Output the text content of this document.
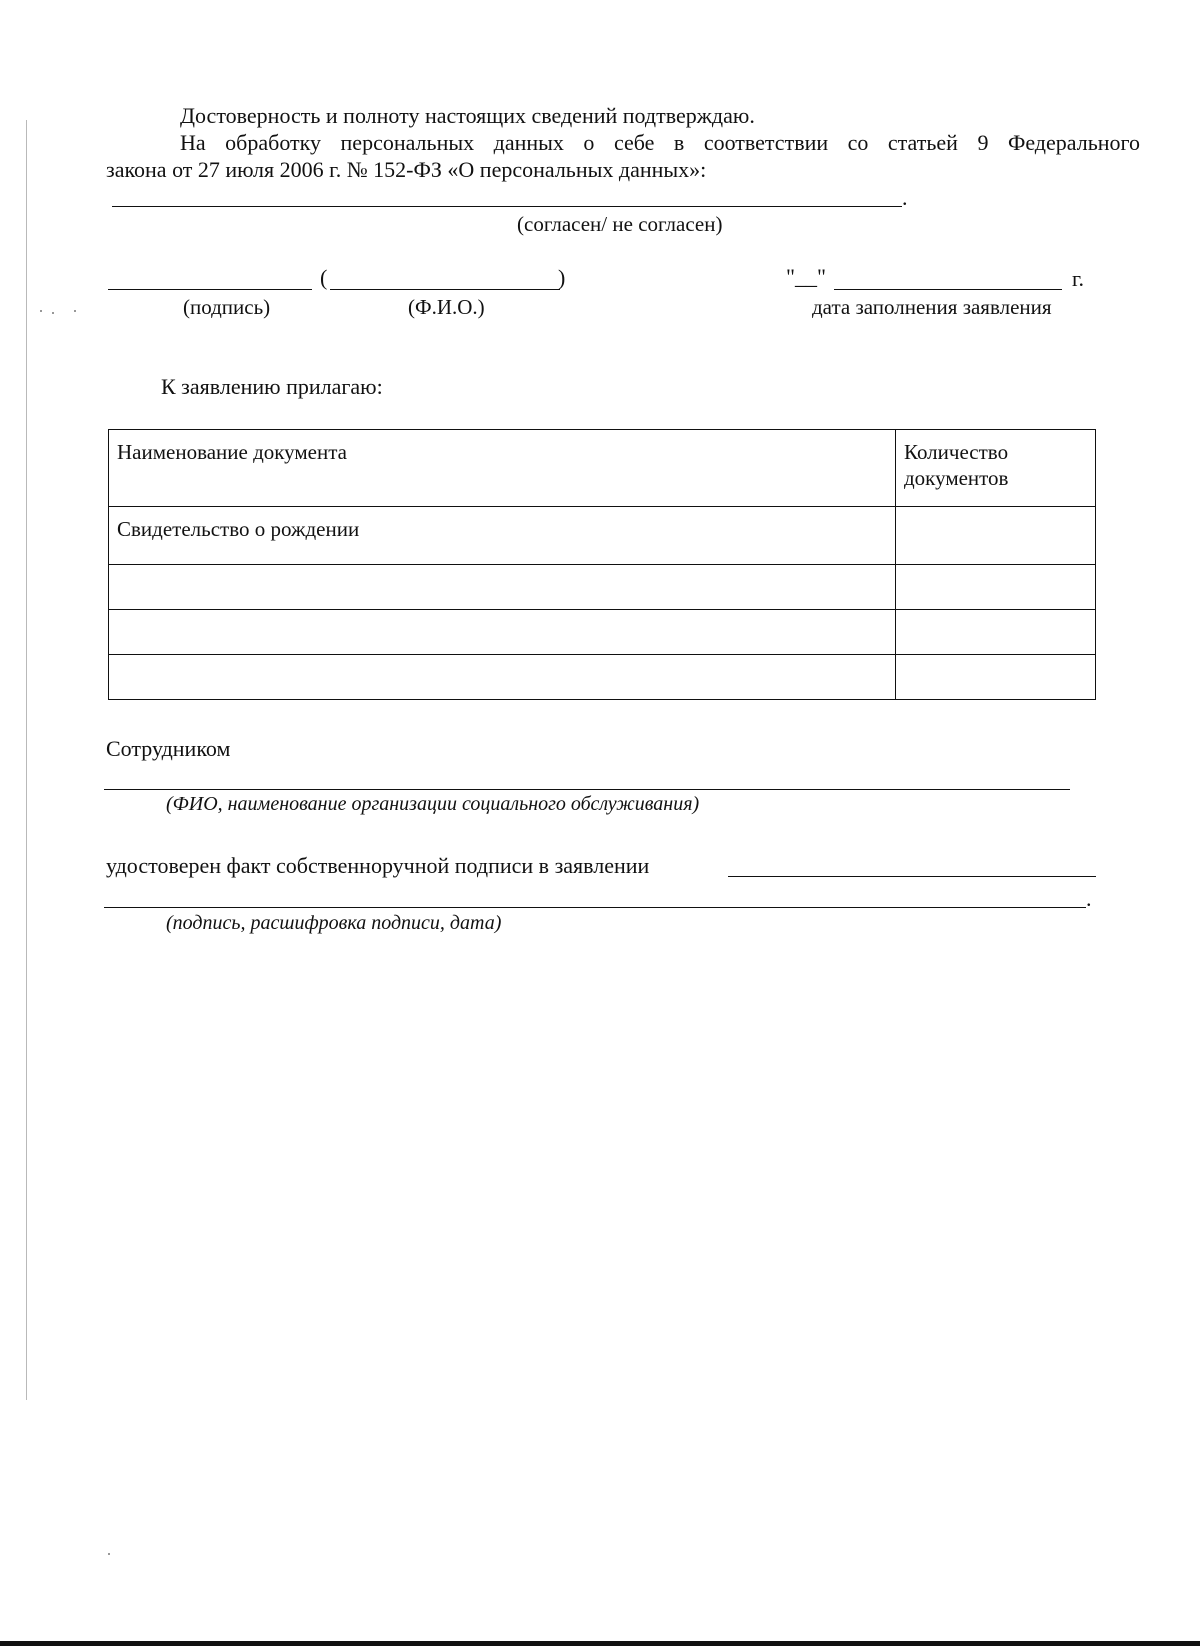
Достоверность и полноту настоящих сведений подтверждаю.
На обработку персональных данных о себе в соответствии со статьей 9 Федерального
закона от 27 июля 2006 г. № 152-ФЗ «О персональных данных»:
.
(согласен/ не согласен)
(	)
(подпись)	(Ф.И.О.)
"__"	г.
дата заполнения заявления
К заявлению прилагаю:
Наименование документа	Количество документов
Свидетельство о рождении	

Сотрудником
(ФИО, наименование организации социального обслуживания)
удостоверен факт собственноручной подписи в заявлении
.
(подпись, расшифровка подписи, дата)
